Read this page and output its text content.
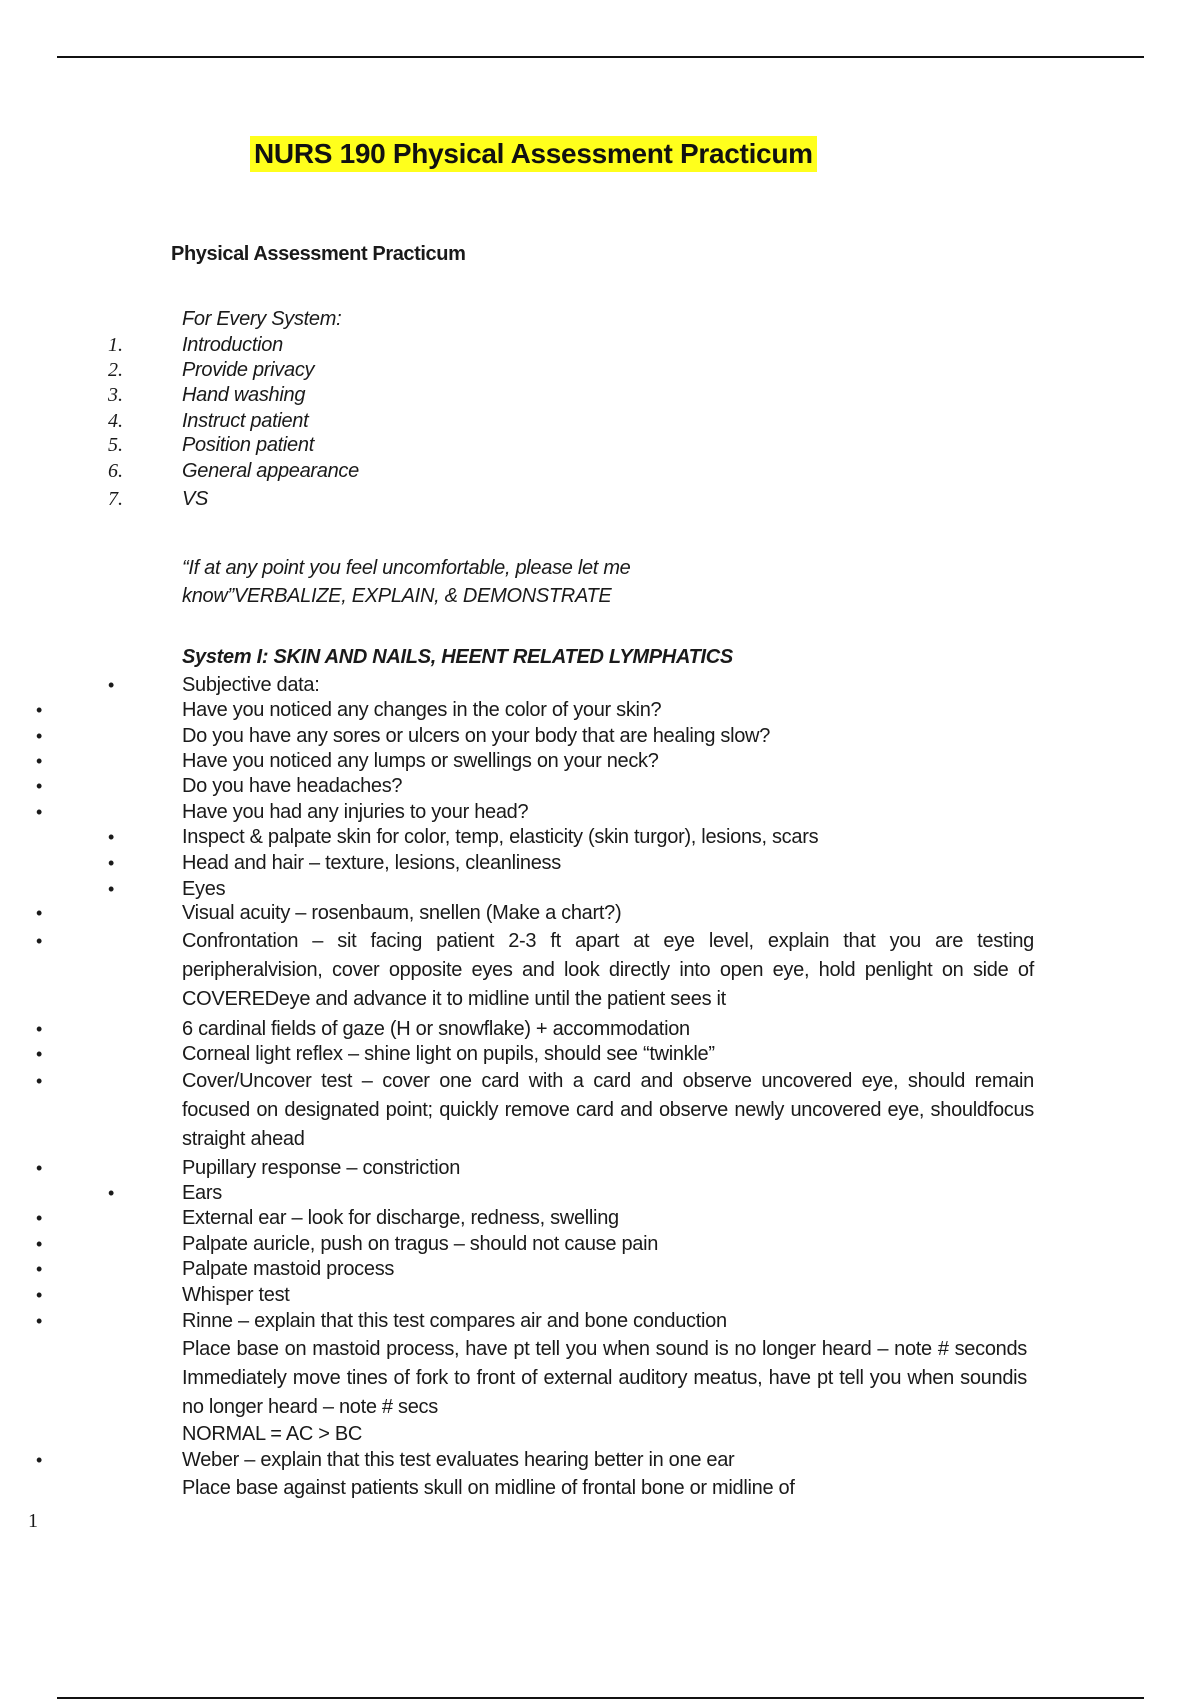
NURS 190 Physical Assessment Practicum
Physical Assessment Practicum
For Every System:
1.	Introduction
2.	Provide privacy
3.	Hand washing
4.	Instruct patient
5.	Position patient
6.	General appearance
7.	VS
“If at any point you feel uncomfortable, please let me
know”VERBALIZE, EXPLAIN, & DEMONSTRATE
System I: SKIN AND NAILS, HEENT RELATED LYMPHATICS
•	Subjective data:
•	Have you noticed any changes in the color of your skin?
•	Do you have any sores or ulcers on your body that are healing slow?
•	Have you noticed any lumps or swellings on your neck?
•	Do you have headaches?
•	Have you had any injuries to your head?
•	Inspect & palpate skin for color, temp, elasticity (skin turgor), lesions, scars
•	Head and hair – texture, lesions, cleanliness
•	Eyes
•	Visual acuity – rosenbaum, snellen (Make a chart?)
•	Confrontation – sit facing patient 2-3 ft apart at eye level, explain that you are testing peripheralvision, cover opposite eyes and look directly into open eye, hold penlight on side of COVEREDeye and advance it to midline until the patient sees it
•	6 cardinal fields of gaze (H or snowflake) + accommodation
•	Corneal light reflex – shine light on pupils, should see “twinkle”
•	Cover/Uncover test – cover one card with a card and observe uncovered eye, should remain focused on designated point; quickly remove card and observe newly uncovered eye, shouldfocus straight ahead
•	Pupillary response – constriction
•	Ears
•	External ear – look for discharge, redness, swelling
•	Palpate auricle, push on tragus – should not cause pain
•	Palpate mastoid process
•	Whisper test
•	Rinne – explain that this test compares air and bone conduction
Place base on mastoid process, have pt tell you when sound is no longer heard – note # seconds Immediately move tines of fork to front of external auditory meatus, have pt tell you when soundis no longer heard – note # secs
NORMAL = AC > BC
•	Weber – explain that this test evaluates hearing better in one ear
Place base against patients skull on midline of frontal bone or midline of
1
